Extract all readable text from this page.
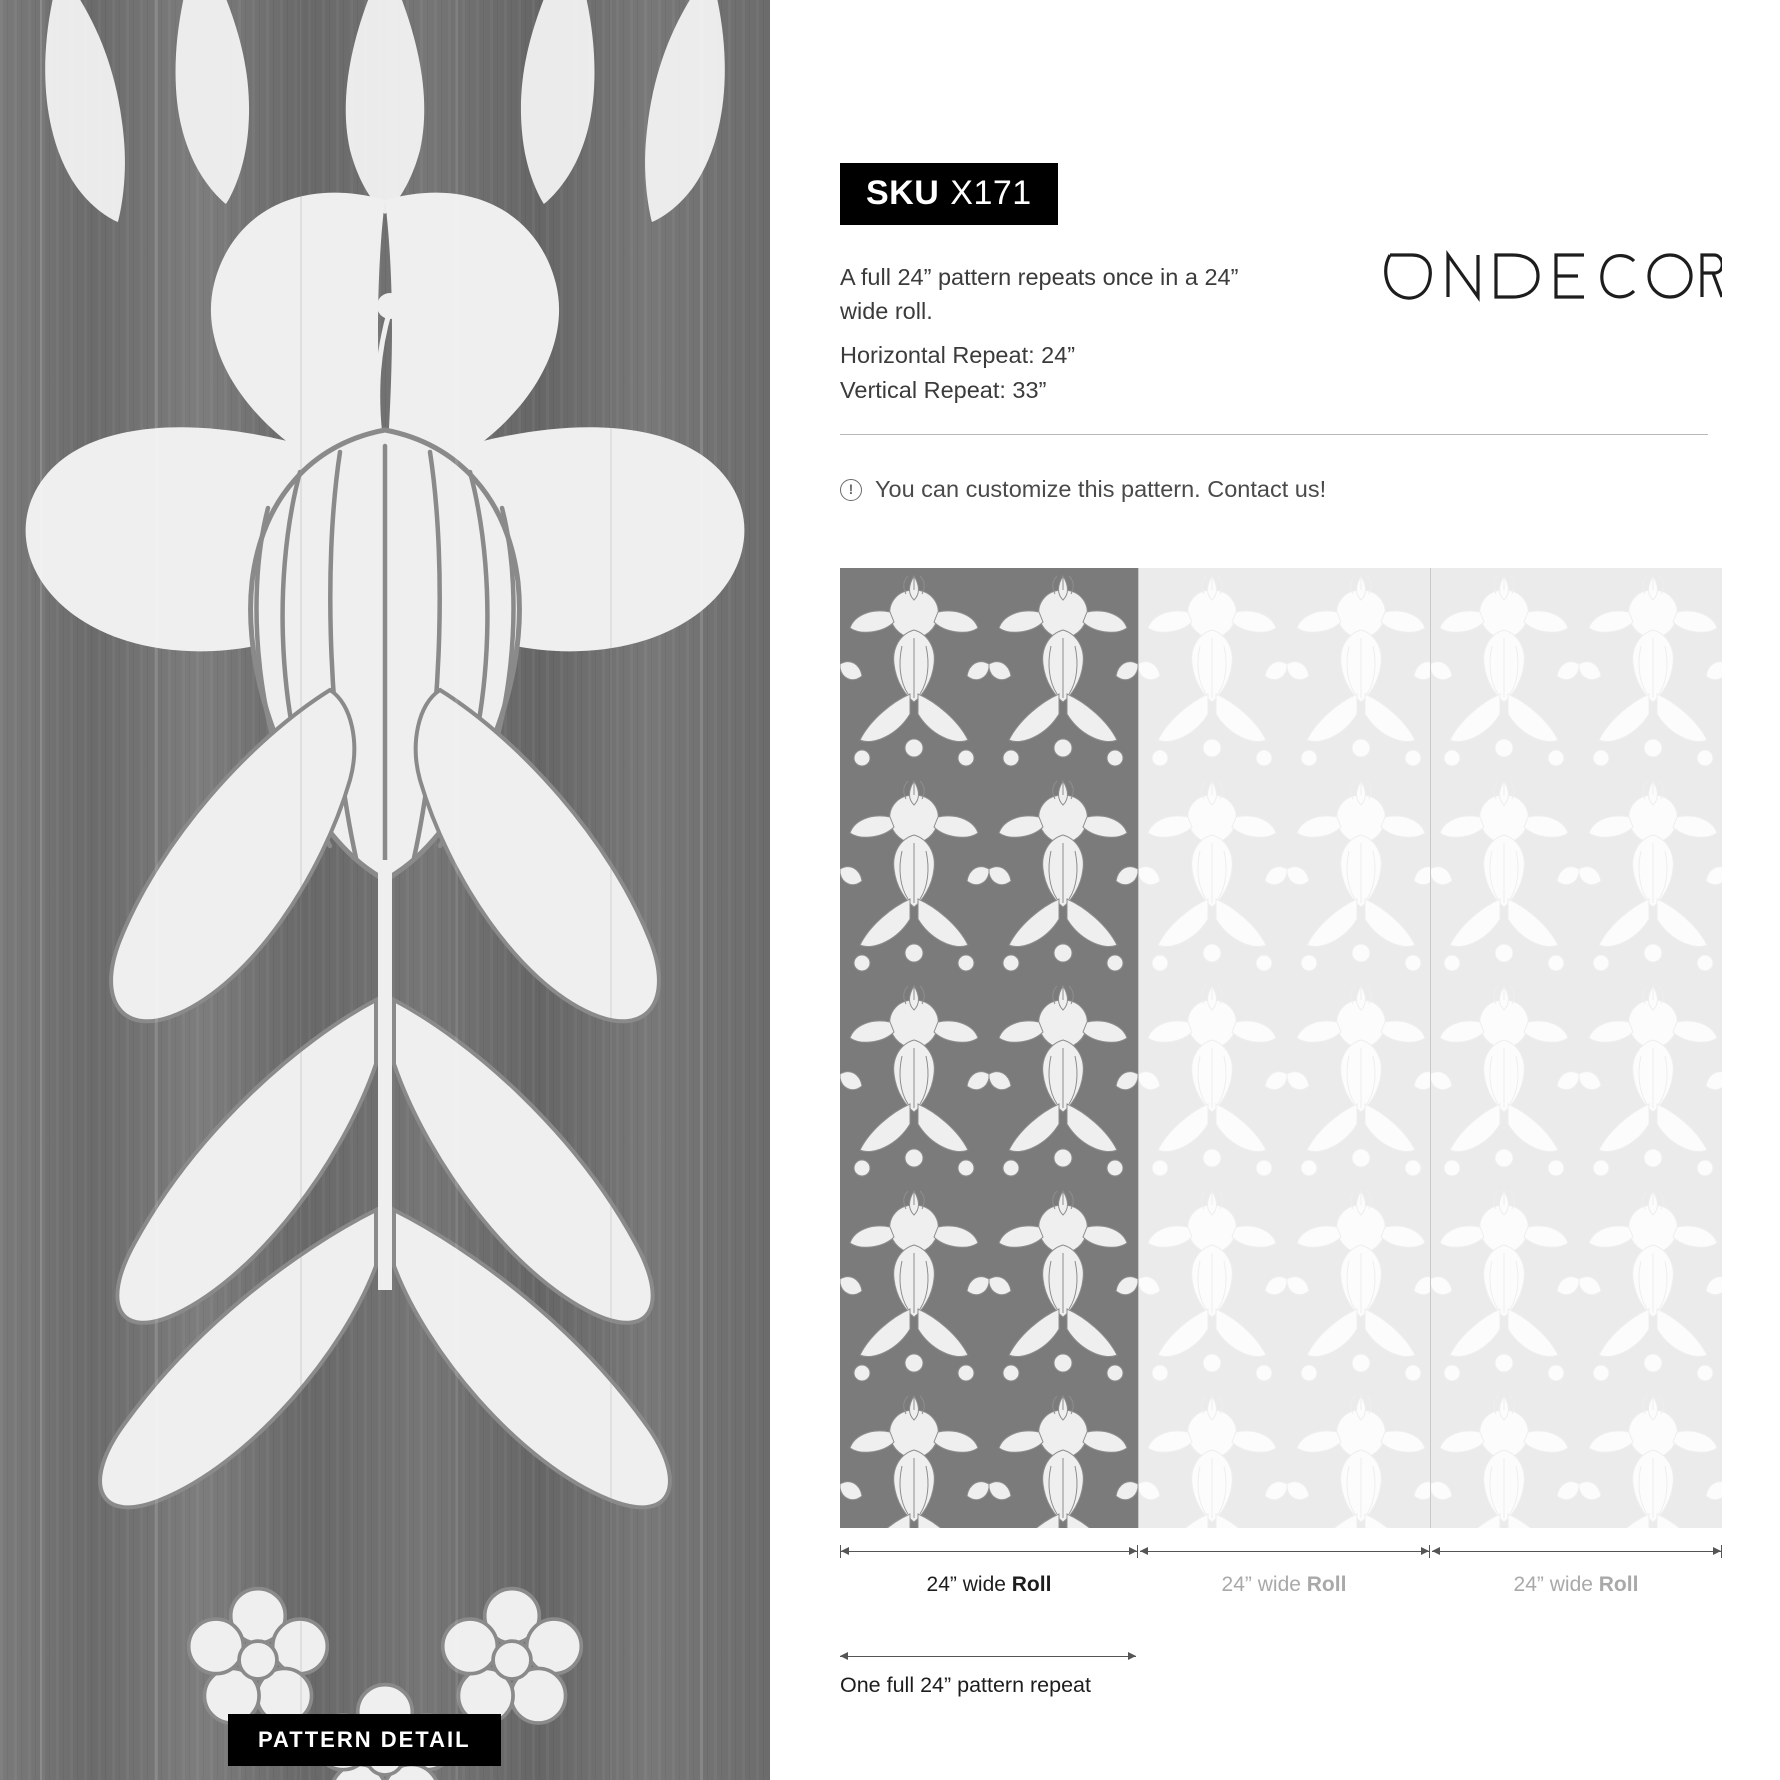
PATTERN DETAIL
SKU X171
A full 24” pattern repeats once in a 24” wide roll.
Horizontal Repeat: 24”
Vertical Repeat: 33”
! You can customize this pattern. Contact us!
24” wide Roll	24” wide Roll	24” wide Roll
One full 24” pattern repeat
